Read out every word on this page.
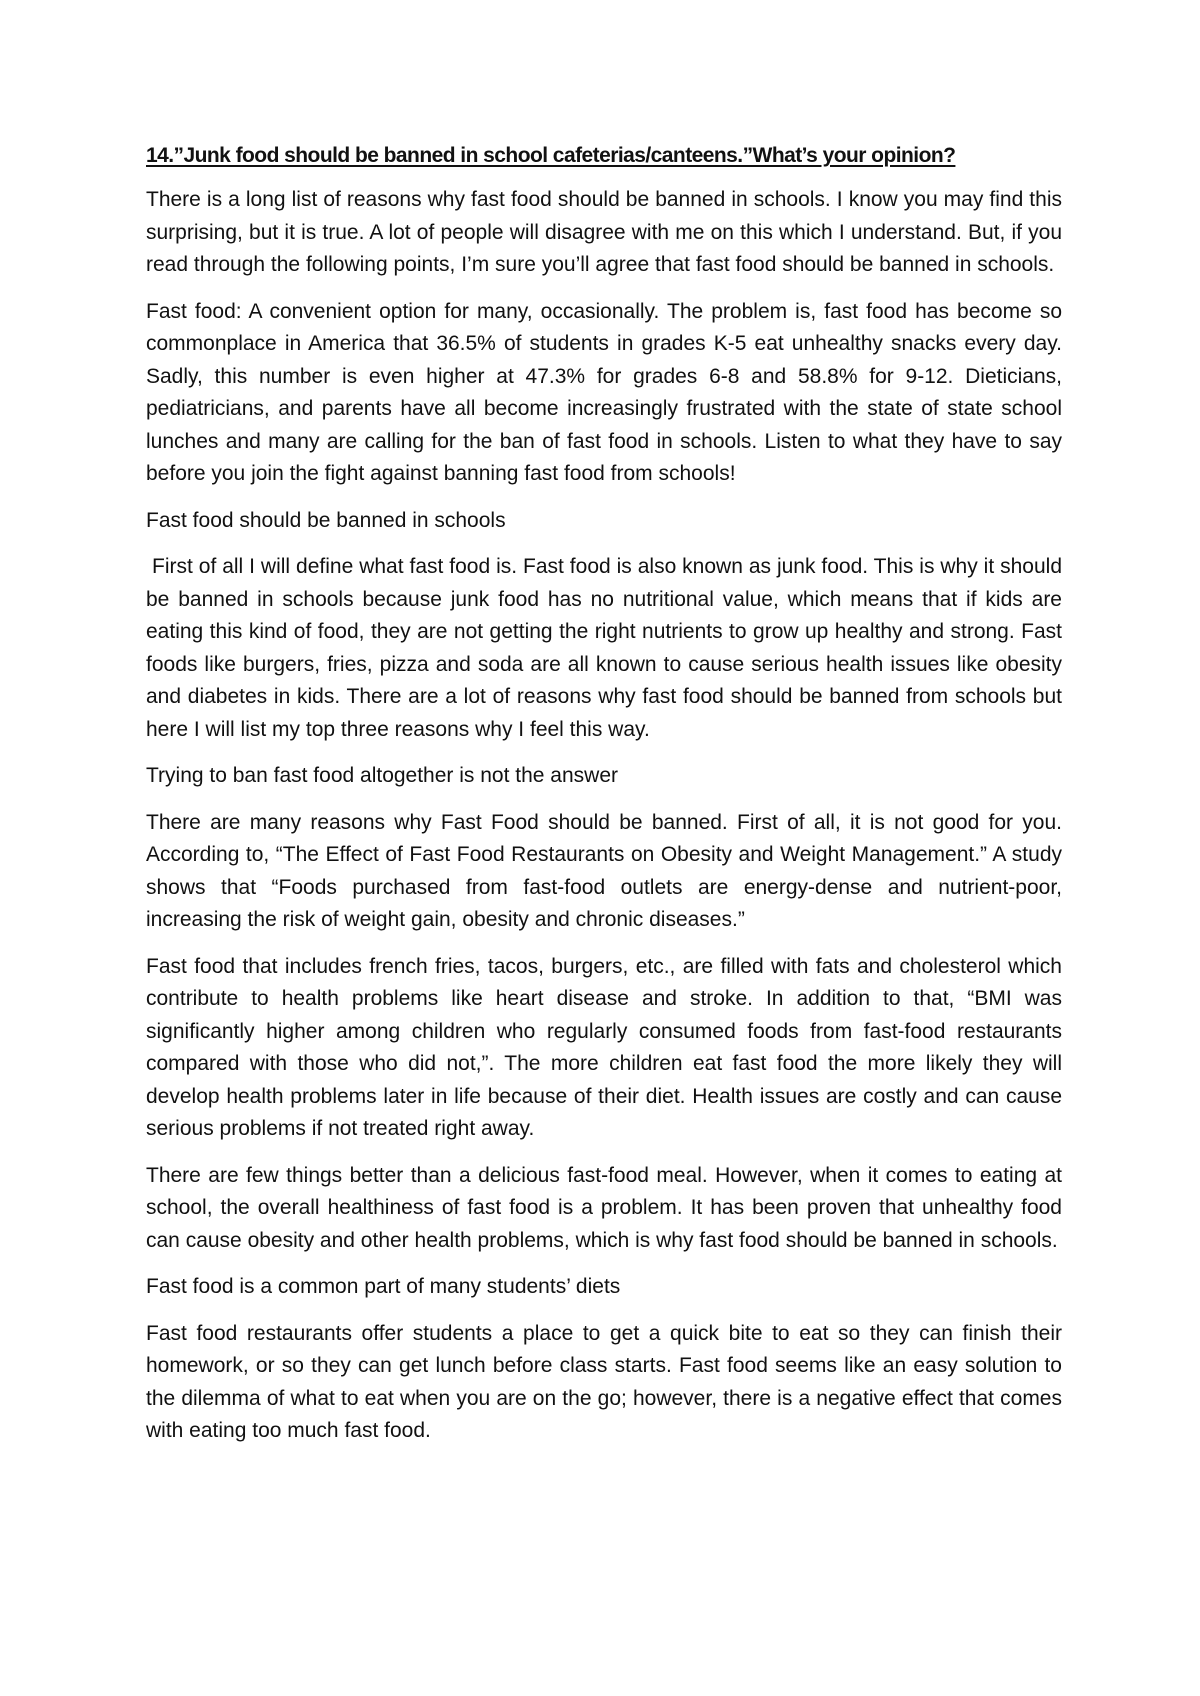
14.”Junk food should be banned in school cafeterias/canteens.”What’s your opinion?

There is a long list of reasons why fast food should be banned in schools. I know you may find this surprising, but it is true. A lot of people will disagree with me on this which I understand. But, if you read through the following points, I’m sure you’ll agree that fast food should be banned in schools.

Fast food: A convenient option for many, occasionally. The problem is, fast food has become so commonplace in America that 36.5% of students in grades K-5 eat unhealthy snacks every day. Sadly, this number is even higher at 47.3% for grades 6-8 and 58.8% for 9-12. Dieticians, pediatricians, and parents have all become increasingly frustrated with the state of state school lunches and many are calling for the ban of fast food in schools. Listen to what they have to say before you join the fight against banning fast food from schools!

Fast food should be banned in schools

First of all I will define what fast food is. Fast food is also known as junk food. This is why it should be banned in schools because junk food has no nutritional value, which means that if kids are eating this kind of food, they are not getting the right nutrients to grow up healthy and strong. Fast foods like burgers, fries, pizza and soda are all known to cause serious health issues like obesity and diabetes in kids. There are a lot of reasons why fast food should be banned from schools but here I will list my top three reasons why I feel this way.

Trying to ban fast food altogether is not the answer

There are many reasons why Fast Food should be banned. First of all, it is not good for you. According to, “The Effect of Fast Food Restaurants on Obesity and Weight Management.” A study shows that “Foods purchased from fast-food outlets are energy-dense and nutrient-poor, increasing the risk of weight gain, obesity and chronic diseases.”

Fast food that includes french fries, tacos, burgers, etc., are filled with fats and cholesterol which contribute to health problems like heart disease and stroke. In addition to that, “BMI was significantly higher among children who regularly consumed foods from fast-food restaurants compared with those who did not,”. The more children eat fast food the more likely they will develop health problems later in life because of their diet. Health issues are costly and can cause serious problems if not treated right away.

There are few things better than a delicious fast-food meal. However, when it comes to eating at school, the overall healthiness of fast food is a problem. It has been proven that unhealthy food can cause obesity and other health problems, which is why fast food should be banned in schools.

Fast food is a common part of many students’ diets

Fast food restaurants offer students a place to get a quick bite to eat so they can finish their homework, or so they can get lunch before class starts. Fast food seems like an easy solution to the dilemma of what to eat when you are on the go; however, there is a negative effect that comes with eating too much fast food.
